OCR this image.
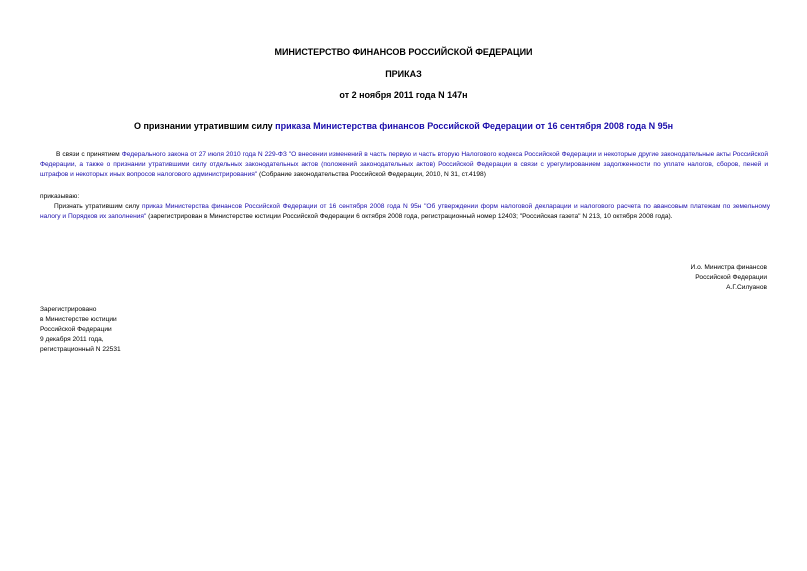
МИНИСТЕРСТВО ФИНАНСОВ РОССИЙСКОЙ ФЕДЕРАЦИИ
ПРИКАЗ
от 2 ноября 2011 года N 147н
О признании утратившим силу приказа Министерства финансов Российской Федерации от 16 сентября 2008 года N 95н
В связи с принятием Федерального закона от 27 июля 2010 года N 229-ФЗ "О внесении изменений в часть первую и часть вторую Налогового кодекса Российской Федерации и некоторые другие законодательные акты Российской Федерации, а также о признании утратившими силу отдельных законодательных актов (положений законодательных актов) Российской Федерации в связи с урегулированием задолженности по уплате налогов, сборов, пеней и штрафов и некоторых иных вопросов налогового администрирования" (Собрание законодательства Российской Федерации, 2010, N 31, ст.4198)
приказываю:
Признать утратившим силу приказ Министерства финансов Российской Федерации от 16 сентября 2008 года N 95н "Об утверждении форм налоговой декларации и налогового расчета по авансовым платежам по земельному налогу и Порядков их заполнения" (зарегистрирован в Министерстве юстиции Российской Федерации 6 октября 2008 года, регистрационный номер 12403; "Российская газета" N 213, 10 октября 2008 года).
И.о. Министра финансов
Российской Федерации
А.Г.Силуанов
Зарегистрировано
в Министерстве юстиции
Российской Федерации
9 декабря 2011 года,
регистрационный N 22531
